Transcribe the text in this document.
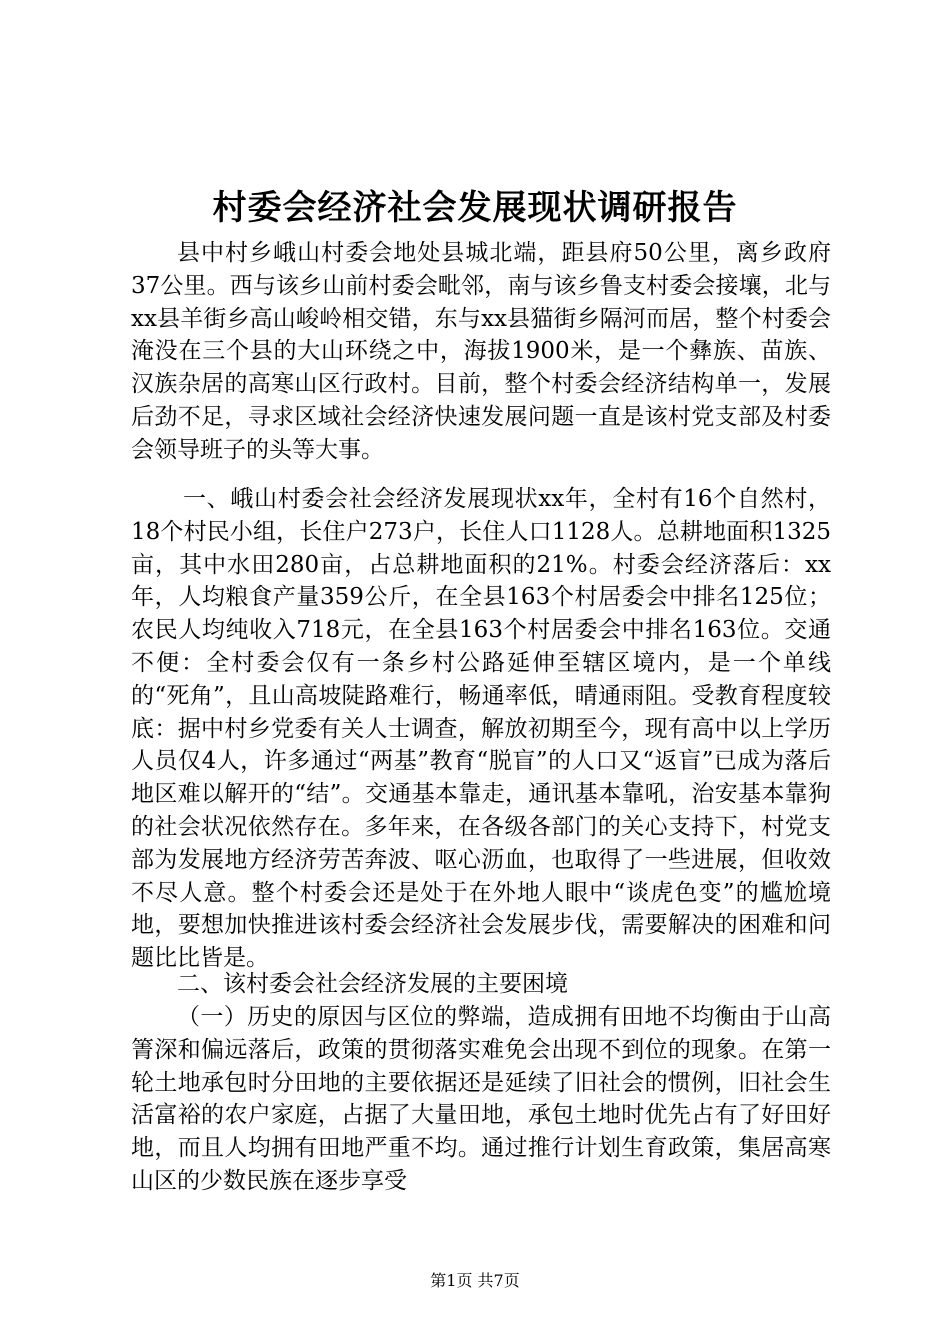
村委会经济社会发展现状调研报告

县中村乡峨山村委会地处县城北端，距县府50公里，离乡政府37公里。西与该乡山前村委会毗邻，南与该乡鲁支村委会接壤，北与xx县羊街乡高山峻岭相交错，东与xx县猫街乡隔河而居，整个村委会淹没在三个县的大山环绕之中，海拔1900米，是一个彝族、苗族、汉族杂居的高寒山区行政村。目前，整个村委会经济结构单一，发展后劲不足，寻求区域社会经济快速发展问题一直是该村党支部及村委会领导班子的头等大事。

一、峨山村委会社会经济发展现状xx年，全村有16个自然村，18个村民小组，长住户273户，长住人口1128人。总耕地面积1325亩，其中水田280亩，占总耕地面积的21%。村委会经济落后：xx年，人均粮食产量359公斤，在全县163个村居委会中排名125位；农民人均纯收入718元，在全县163个村居委会中排名163位。交通不便：全村委会仅有一条乡村公路延伸至辖区境内，是一个单线的“死角”，且山高坡陡路难行，畅通率低，晴通雨阻。受教育程度较底：据中村乡党委有关人士调查，解放初期至今，现有高中以上学历人员仅4人，许多通过“两基”教育“脱盲”的人口又“返盲”已成为落后地区难以解开的“结”。交通基本靠走，通讯基本靠吼，治安基本靠狗的社会状况依然存在。多年来，在各级各部门的关心支持下，村党支部为发展地方经济劳苦奔波、呕心沥血，也取得了一些进展，但收效不尽人意。整个村委会还是处于在外地人眼中“谈虎色变”的尴尬境地，要想加快推进该村委会经济社会发展步伐，需要解决的困难和问题比比皆是。

二、该村委会社会经济发展的主要困境

（一）历史的原因与区位的弊端，造成拥有田地不均衡由于山高箐深和偏远落后，政策的贯彻落实难免会出现不到位的现象。在第一轮土地承包时分田地的主要依据还是延续了旧社会的惯例，旧社会生活富裕的农户家庭，占据了大量田地，承包土地时优先占有了好田好地，而且人均拥有田地严重不均。通过推行计划生育政策，集居高寒山区的少数民族在逐步享受

第1页 共7页
